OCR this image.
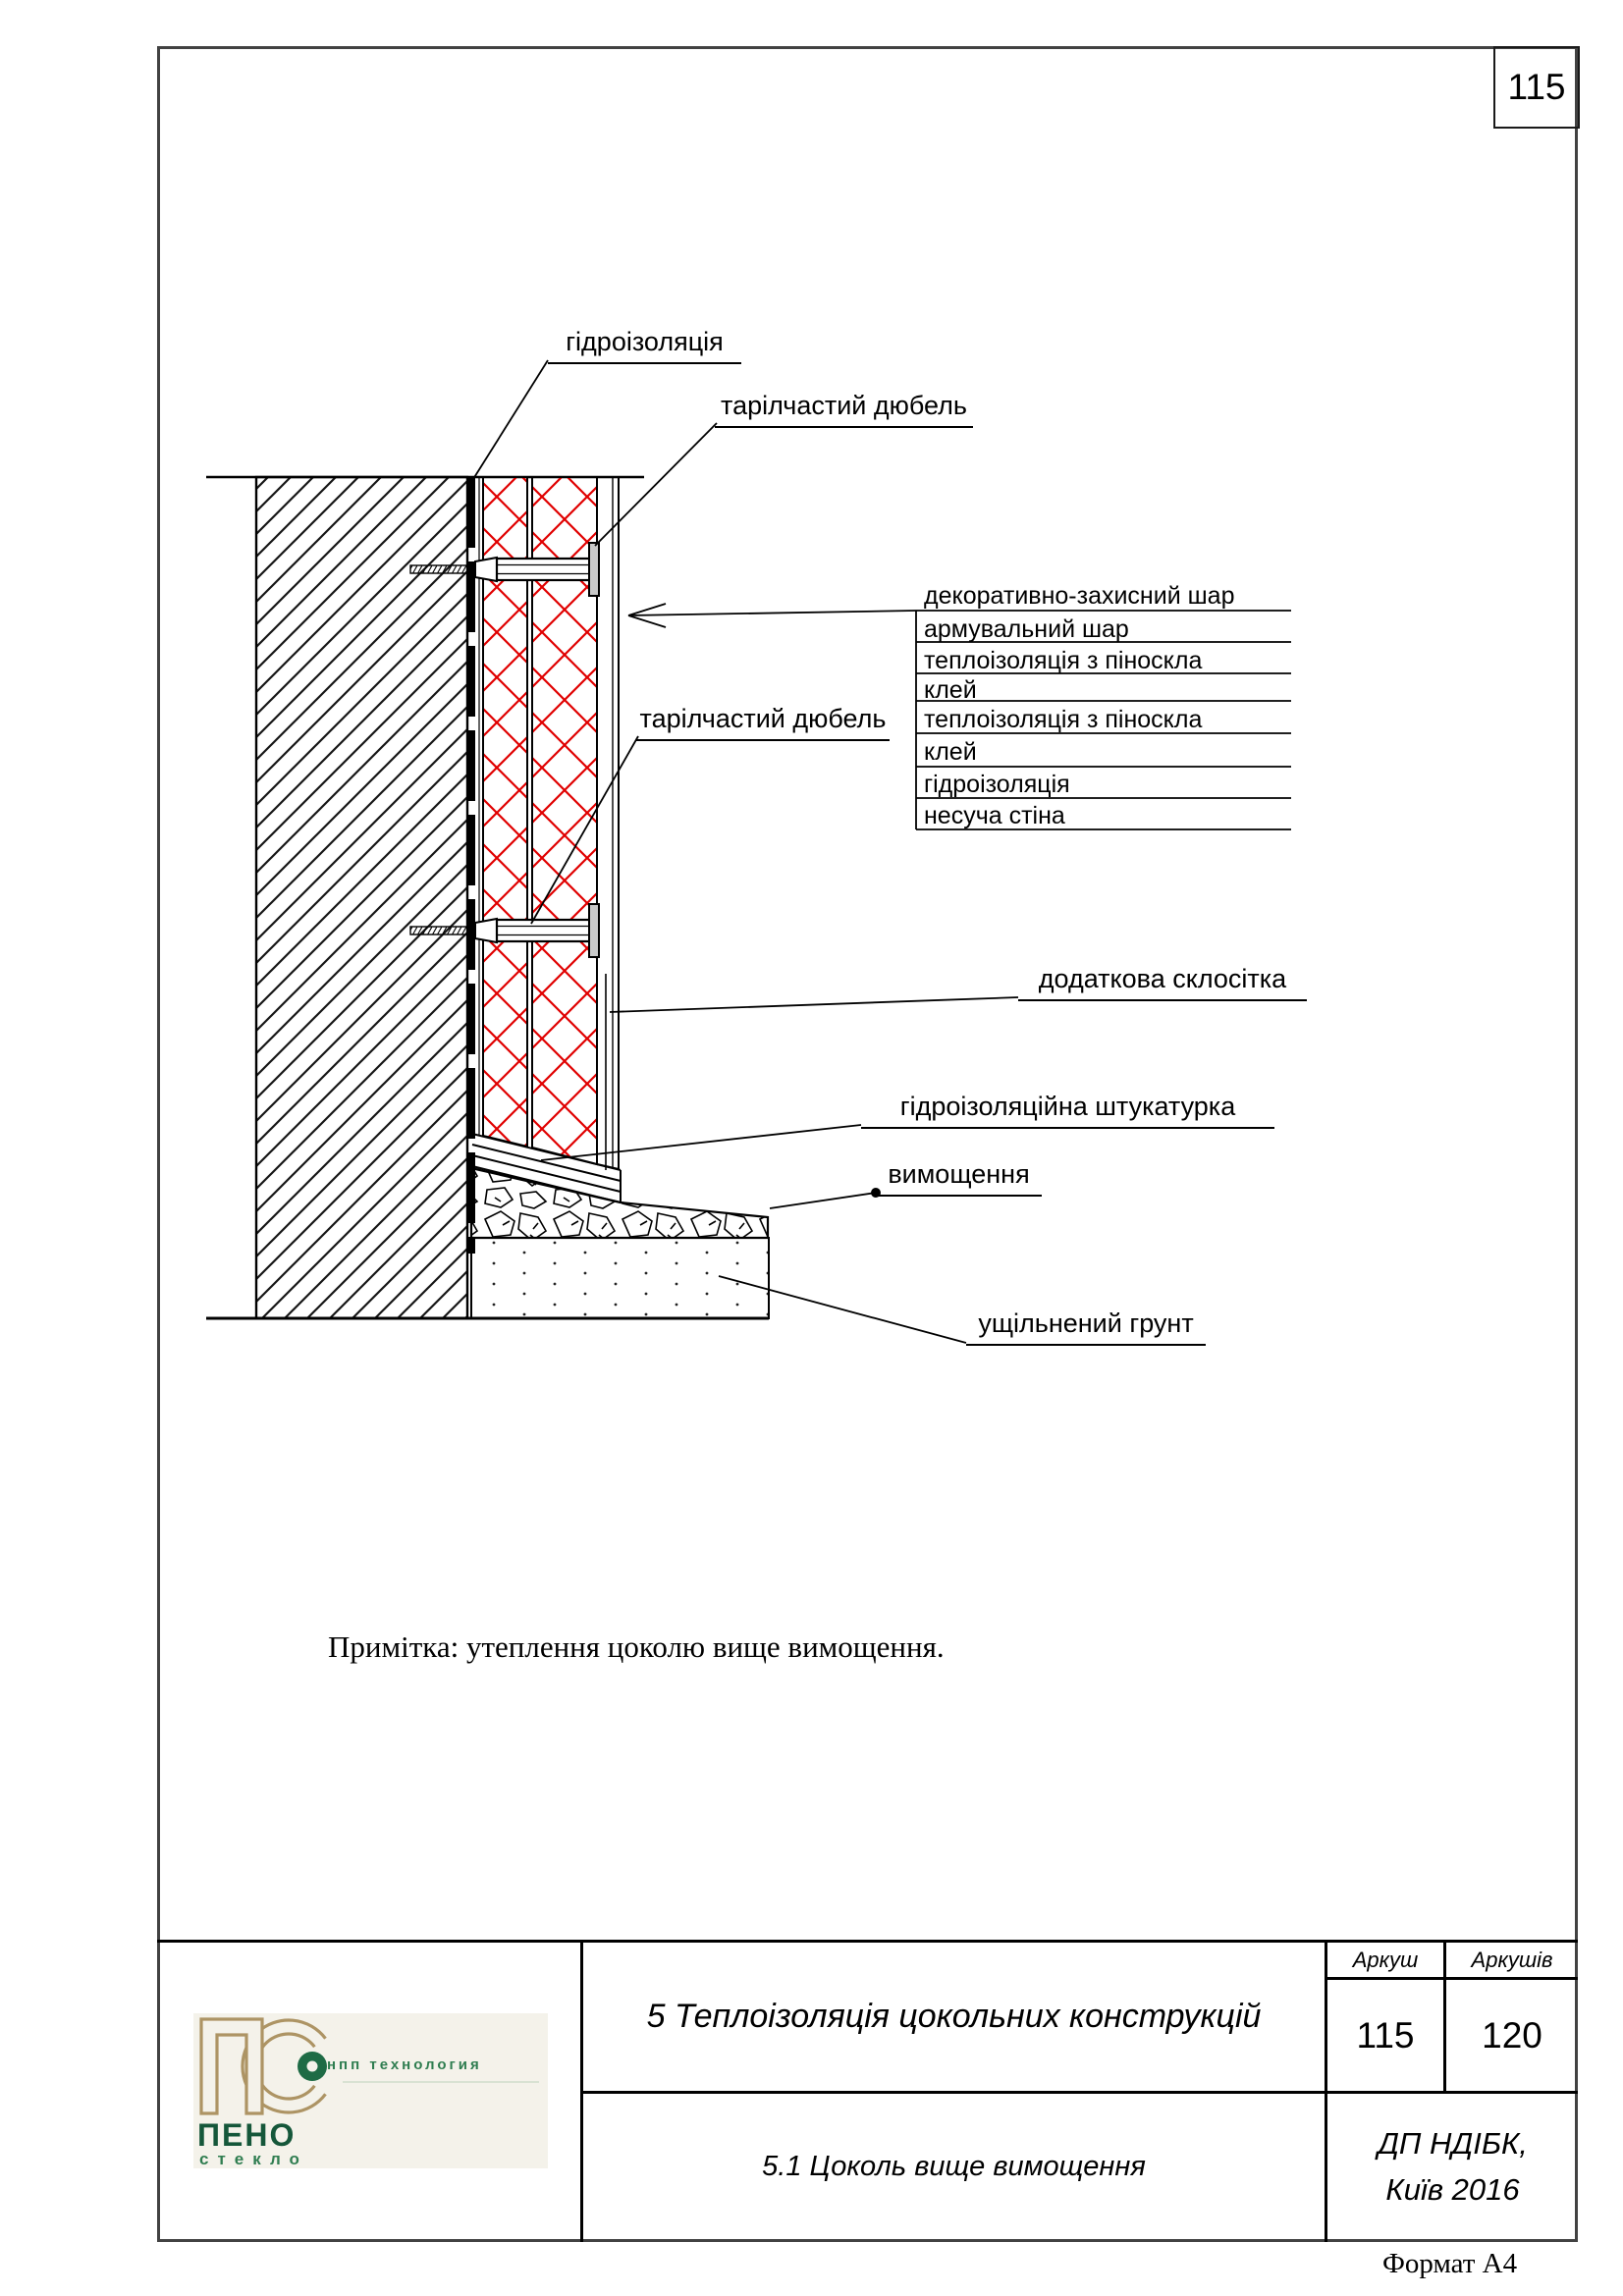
115
гідроізоляція
тарілчастий дюбель
тарілчастий дюбель
додаткова склосітка
гідроізоляційна штукатурка
вимощення
ущільнений грунт
декоративно-захисний шар
армувальний шар
теплоізоляція з піноскла
клей
теплоізоляція з піноскла
клей
гідроізоляція
несуча стіна
Примітка: утеплення цоколю вище вимощення.
5 Теплоізоляція цокольних конструкцій
5.1 Цоколь вище вимощення
Аркуш	Аркушів
115	120
ДП НДІБК,
Київ 2016
нпп технология
ПЕНО
стекло
Формат А4
